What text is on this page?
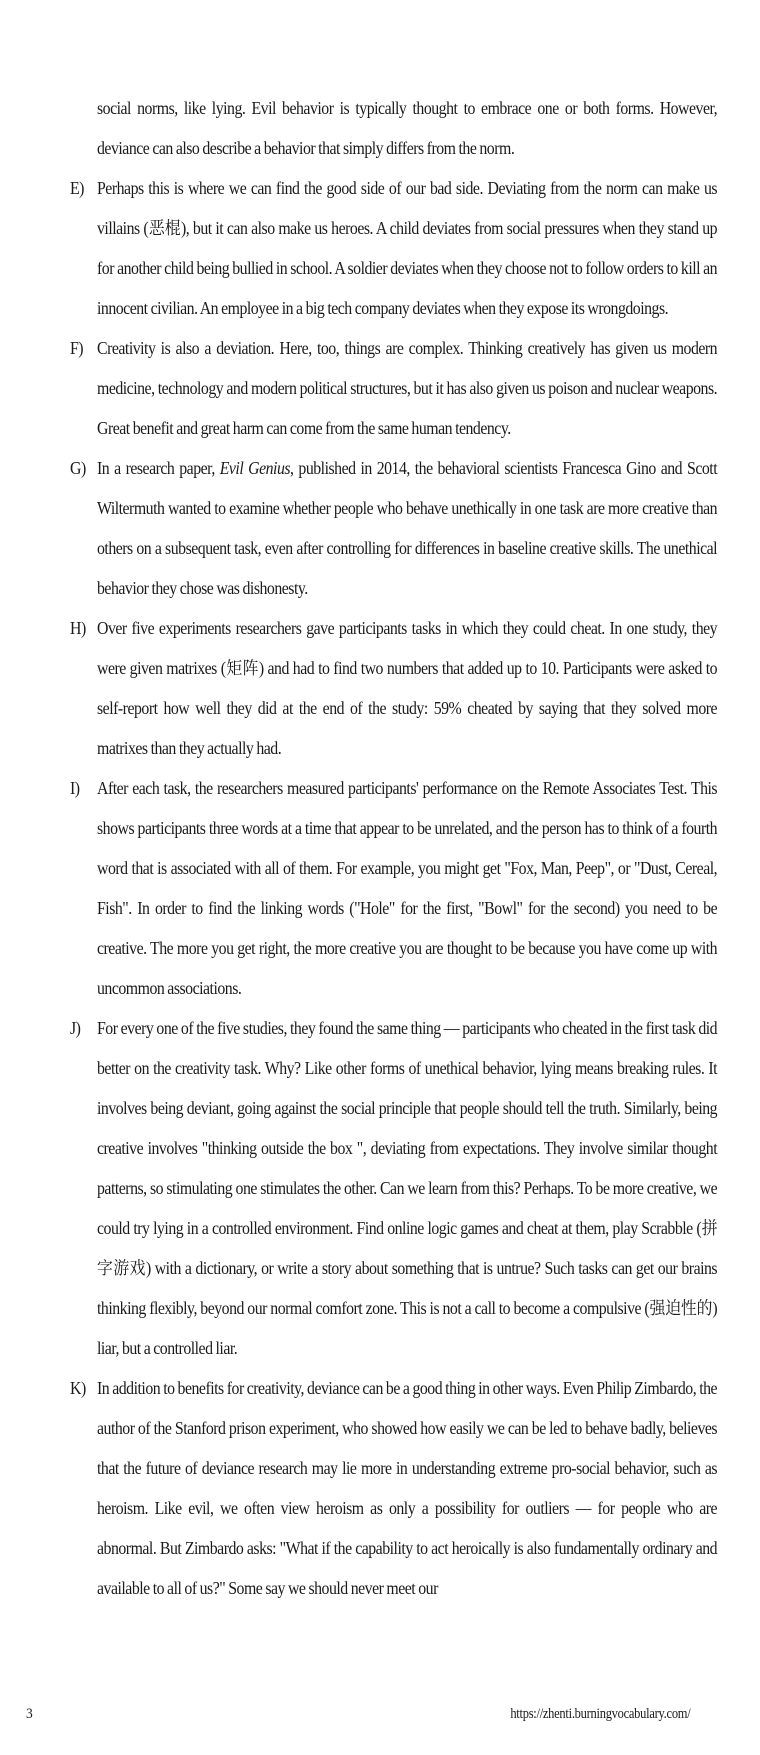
social norms, like lying. Evil behavior is typically thought to embrace one or both forms. However, deviance can also describe a behavior that simply differs from the norm.
E) Perhaps this is where we can find the good side of our bad side. Deviating from the norm can make us villains (恶棍), but it can also make us heroes. A child deviates from social pressures when they stand up for another child being bullied in school. A soldier deviates when they choose not to follow orders to kill an innocent civilian. An employee in a big tech company deviates when they expose its wrongdoings.
F) Creativity is also a deviation. Here, too, things are complex. Thinking creatively has given us modern medicine, technology and modern political structures, but it has also given us poison and nuclear weapons. Great benefit and great harm can come from the same human tendency.
G) In a research paper, Evil Genius, published in 2014, the behavioral scientists Francesca Gino and Scott Wiltermuth wanted to examine whether people who behave unethically in one task are more creative than others on a subsequent task, even after controlling for differences in baseline creative skills. The unethical behavior they chose was dishonesty.
H) Over five experiments researchers gave participants tasks in which they could cheat. In one study, they were given matrixes (矩阵) and had to find two numbers that added up to 10. Participants were asked to self-report how well they did at the end of the study: 59% cheated by saying that they solved more matrixes than they actually had.
I) After each task, the researchers measured participants' performance on the Remote Associates Test. This shows participants three words at a time that appear to be unrelated, and the person has to think of a fourth word that is associated with all of them. For example, you might get "Fox, Man, Peep", or "Dust, Cereal, Fish". In order to find the linking words ("Hole" for the first, "Bowl" for the second) you need to be creative. The more you get right, the more creative you are thought to be because you have come up with uncommon associations.
J) For every one of the five studies, they found the same thing — participants who cheated in the first task did better on the creativity task. Why? Like other forms of unethical behavior, lying means breaking rules. It involves being deviant, going against the social principle that people should tell the truth. Similarly, being creative involves "thinking outside the box ", deviating from expectations. They involve similar thought patterns, so stimulating one stimulates the other. Can we learn from this? Perhaps. To be more creative, we could try lying in a controlled environment. Find online logic games and cheat at them, play Scrabble (拼字游戏) with a dictionary, or write a story about something that is untrue? Such tasks can get our brains thinking flexibly, beyond our normal comfort zone. This is not a call to become a compulsive (强迫性的) liar, but a controlled liar.
K) In addition to benefits for creativity, deviance can be a good thing in other ways. Even Philip Zimbardo, the author of the Stanford prison experiment, who showed how easily we can be led to behave badly, believes that the future of deviance research may lie more in understanding extreme pro-social behavior, such as heroism. Like evil, we often view heroism as only a possibility for outliers — for people who are abnormal. But Zimbardo asks: "What if the capability to act heroically is also fundamentally ordinary and available to all of us?" Some say we should never meet our
3	https://zhenti.burningvocabulary.com/
